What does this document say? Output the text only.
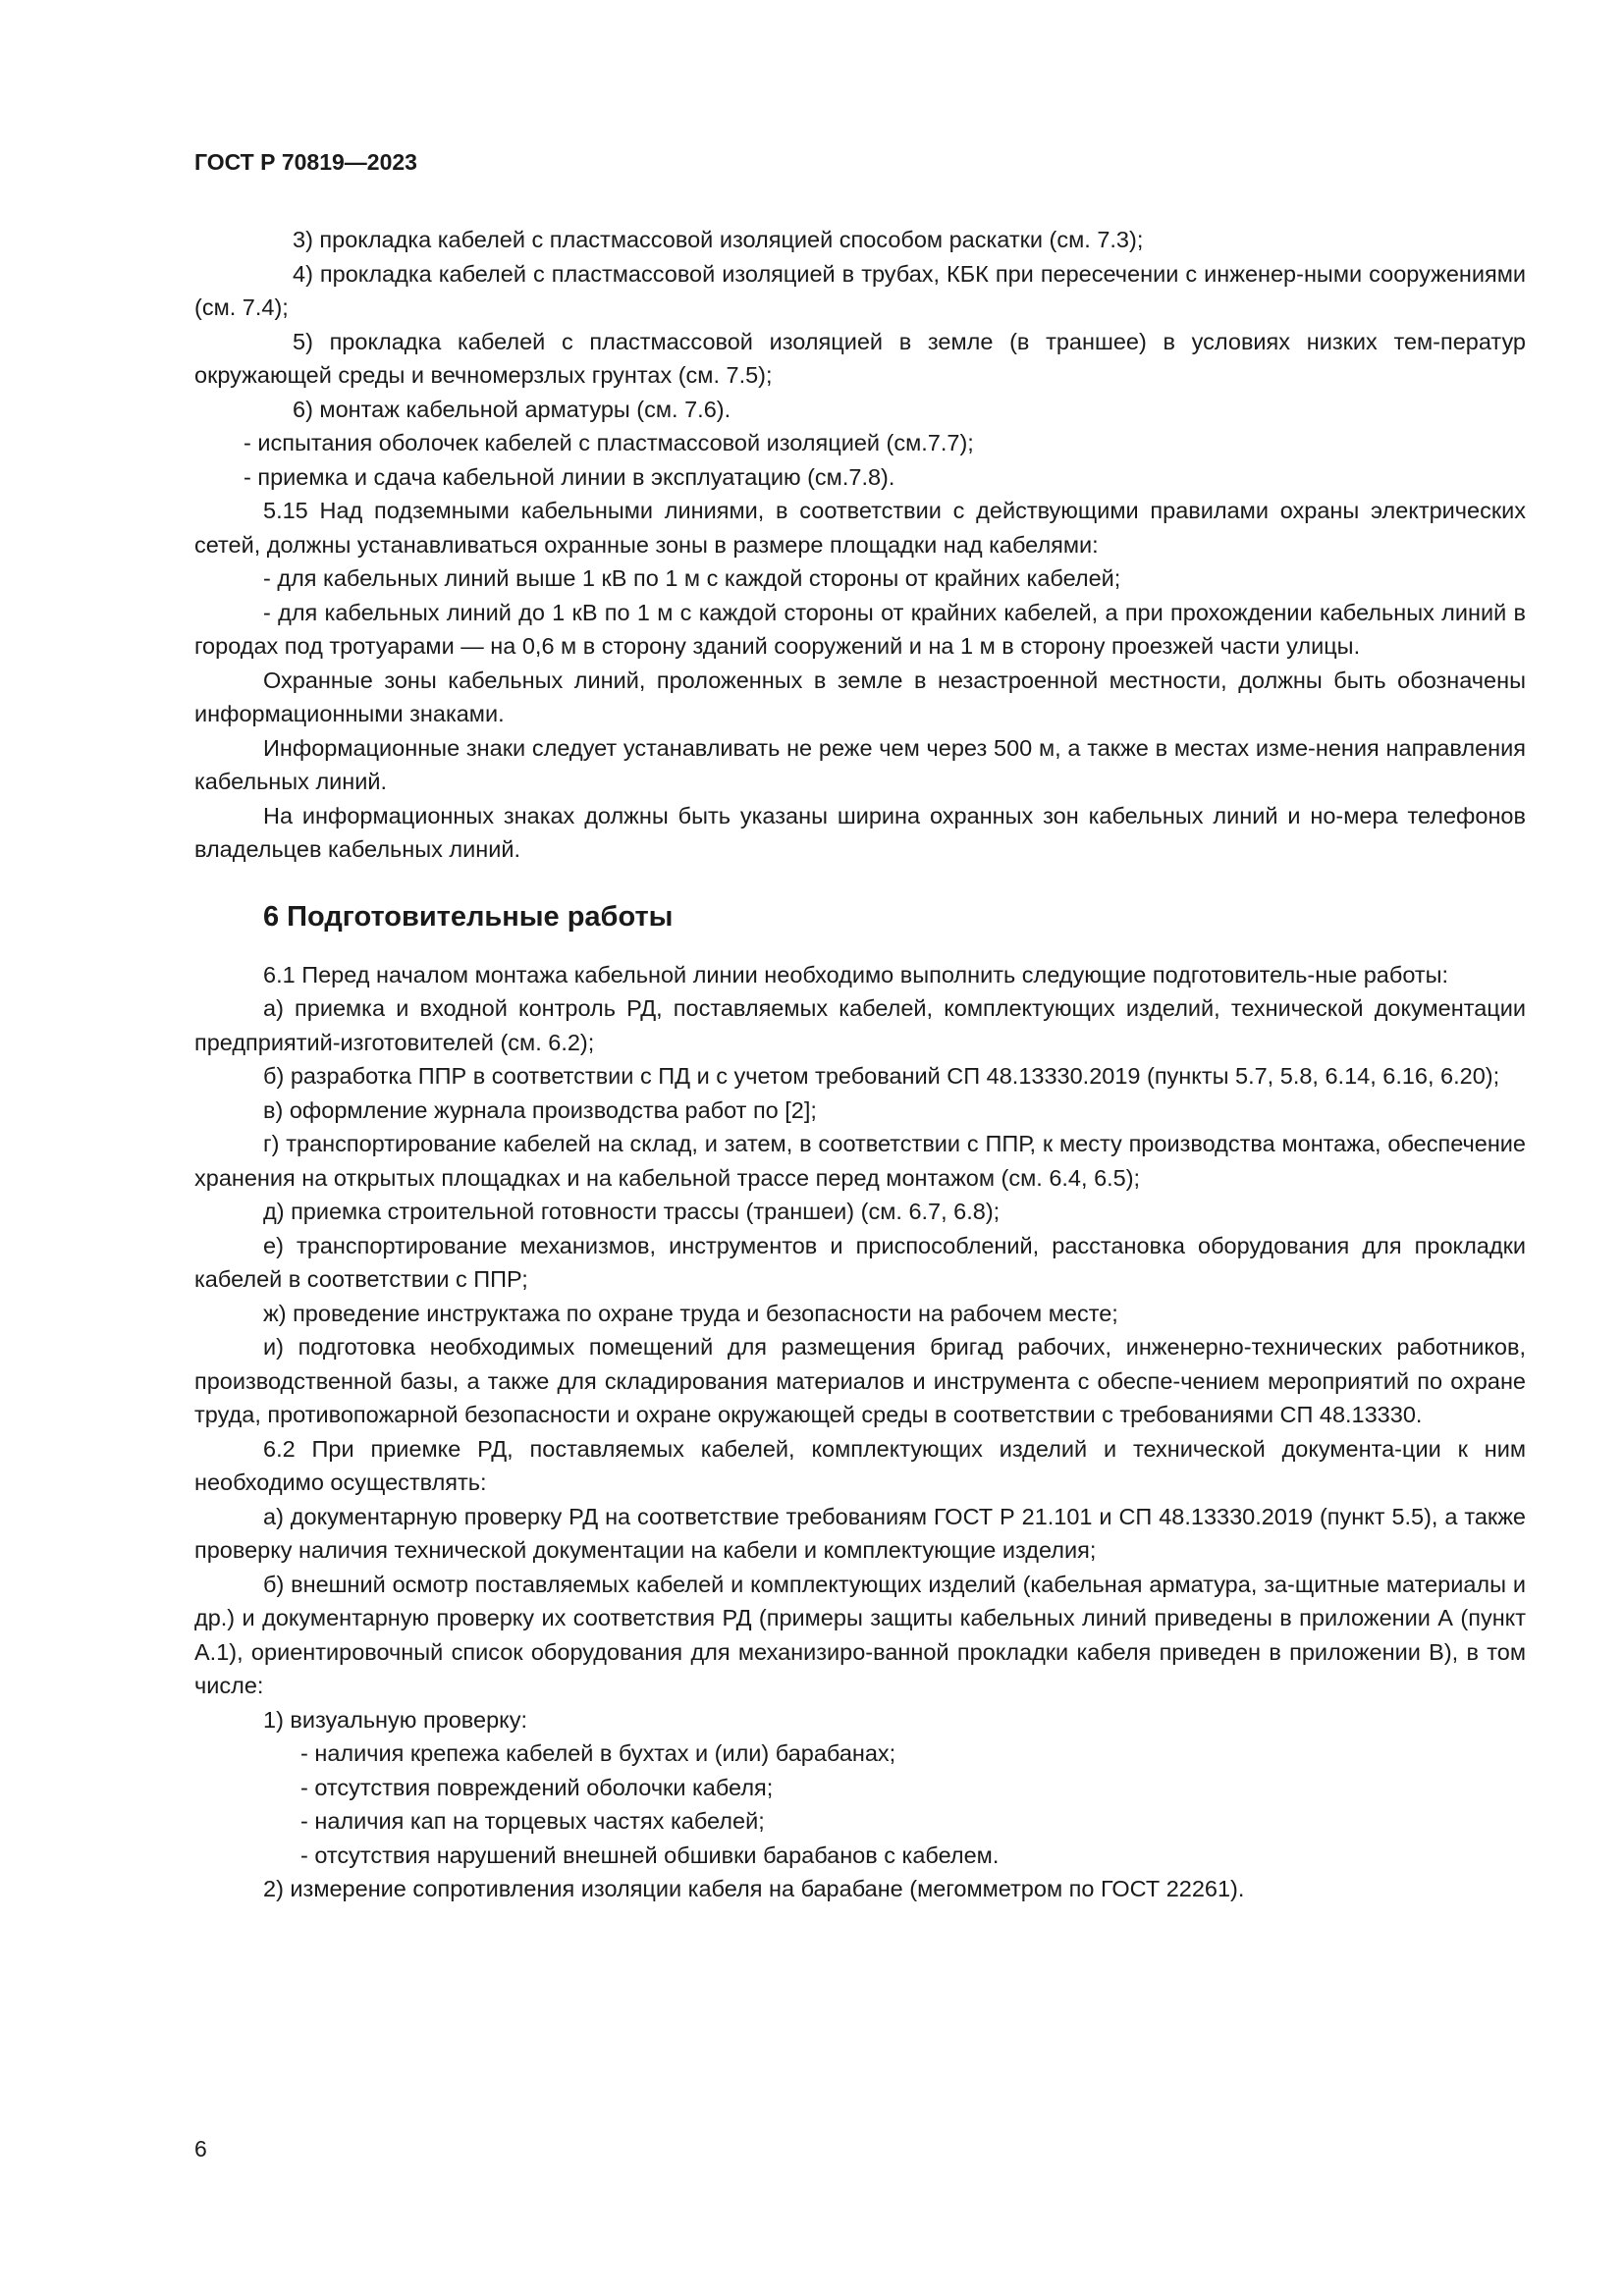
ГОСТ Р 70819—2023

3) прокладка кабелей с пластмассовой изоляцией способом раскатки (см. 7.3);

4) прокладка кабелей с пластмассовой изоляцией в трубах, КБК при пересечении с инженер-ными сооружениями (см. 7.4);

5) прокладка кабелей с пластмассовой изоляцией в земле (в траншее) в условиях низких тем-ператур окружающей среды и вечномерзлых грунтах (см. 7.5);

6) монтаж кабельной арматуры (см. 7.6).

- испытания оболочек кабелей с пластмассовой изоляцией (см.7.7);

- приемка и сдача кабельной линии в эксплуатацию (см.7.8).

5.15 Над подземными кабельными линиями, в соответствии с действующими правилами охраны электрических сетей, должны устанавливаться охранные зоны в размере площадки над кабелями:

- для кабельных линий выше 1 кВ по 1 м с каждой стороны от крайних кабелей;

- для кабельных линий до 1 кВ по 1 м с каждой стороны от крайних кабелей, а при прохождении кабельных линий в городах под тротуарами — на 0,6 м в сторону зданий сооружений и на 1 м в сторону проезжей части улицы.

Охранные зоны кабельных линий, проложенных в земле в незастроенной местности, должны быть обозначены информационными знаками.

Информационные знаки следует устанавливать не реже чем через 500 м, а также в местах изме-нения направления кабельных линий.

На информационных знаках должны быть указаны ширина охранных зон кабельных линий и но-мера телефонов владельцев кабельных линий.

6 Подготовительные работы

6.1 Перед началом монтажа кабельной линии необходимо выполнить следующие подготовитель-ные работы:

а) приемка и входной контроль РД, поставляемых кабелей, комплектующих изделий, технической документации предприятий-изготовителей (см. 6.2);

б) разработка ППР в соответствии с ПД и с учетом требований СП 48.13330.2019 (пункты 5.7, 5.8, 6.14, 6.16, 6.20);

в) оформление журнала производства работ по [2];

г) транспортирование кабелей на склад, и затем, в соответствии с ППР, к месту производства монтажа, обеспечение хранения на открытых площадках и на кабельной трассе перед монтажом (см. 6.4, 6.5);

д) приемка строительной готовности трассы (траншеи) (см. 6.7, 6.8);

е) транспортирование механизмов, инструментов и приспособлений, расстановка оборудования для прокладки кабелей в соответствии с ППР;

ж) проведение инструктажа по охране труда и безопасности на рабочем месте;

и) подготовка необходимых помещений для размещения бригад рабочих, инженерно-технических работников, производственной базы, а также для складирования материалов и инструмента с обеспе-чением мероприятий по охране труда, противопожарной безопасности и охране окружающей среды в соответствии с требованиями СП 48.13330.

6.2 При приемке РД, поставляемых кабелей, комплектующих изделий и технической документа-ции к ним необходимо осуществлять:

а) документарную проверку РД на соответствие требованиям ГОСТ Р 21.101 и СП 48.13330.2019 (пункт 5.5), а также проверку наличия технической документации на кабели и комплектующие изделия;

б) внешний осмотр поставляемых кабелей и комплектующих изделий (кабельная арматура, за-щитные материалы и др.) и документарную проверку их соответствия РД (примеры защиты кабельных линий приведены в приложении А (пункт А.1), ориентировочный список оборудования для механизиро-ванной прокладки кабеля приведен в приложении В), в том числе:

1) визуальную проверку:

- наличия крепежа кабелей в бухтах и (или) барабанах;

- отсутствия повреждений оболочки кабеля;

- наличия кап на торцевых частях кабелей;

- отсутствия нарушений внешней обшивки барабанов с кабелем.

2) измерение сопротивления изоляции кабеля на барабане (мегомметром по ГОСТ 22261).

6
